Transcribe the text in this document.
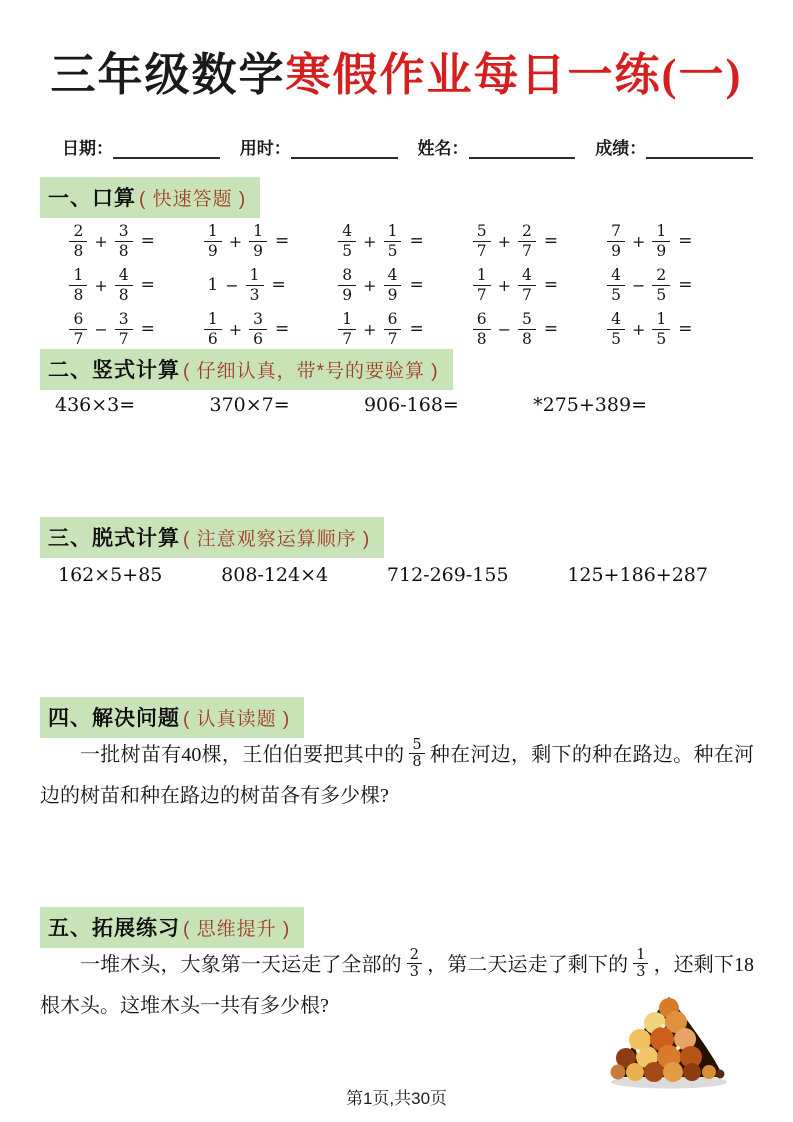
三年级数学寒假作业每日一练(一)
日期：	用时：	姓名：	成绩：
一、口算 ( 快速答题 )
$\frac{2}{8} + \frac{3}{8}$ =	$\frac{1}{9} + \frac{1}{9}$ =	$\frac{4}{5} + \frac{1}{5}$ =	$\frac{5}{7} + \frac{2}{7}$ =	$\frac{7}{9} + \frac{1}{9}$ =
$\frac{1}{8} + \frac{4}{8}$ =	$1 - \frac{1}{3}$ =	$\frac{8}{9} + \frac{4}{9}$ =	$\frac{1}{7} + \frac{4}{7}$ =	$\frac{4}{5} - \frac{2}{5}$ =
$\frac{6}{7} - \frac{3}{7}$ =	$\frac{1}{6} + \frac{3}{6}$ =	$\frac{1}{7} + \frac{6}{7}$ =	$\frac{6}{8} - \frac{5}{8}$ =	$\frac{4}{5} + \frac{1}{5}$ =
二、竖式计算 ( 仔细认真，带*号的要验算 )
436×3=	370×7=	906-168=	*275+389=
三、脱式计算 ( 注意观察运算顺序 )
162×5+85	808-124×4	712-269-155	125+186+287
四、解决问题 ( 认真读题 )

一批树苗有40棵，王伯伯要把其中的 $\frac{5}{8}$ 种在河边，剩下的种在路边。种在河边的树苗和种在路边的树苗各有多少棵?

五、拓展练习 ( 思维提升 )

一堆木头，大象第一天运走了全部的 $\frac{2}{3}$ ，第二天运走了剩下的 $\frac{1}{3}$ ，还剩下18根木头。这堆木头一共有多少根?

第1页,共30页
